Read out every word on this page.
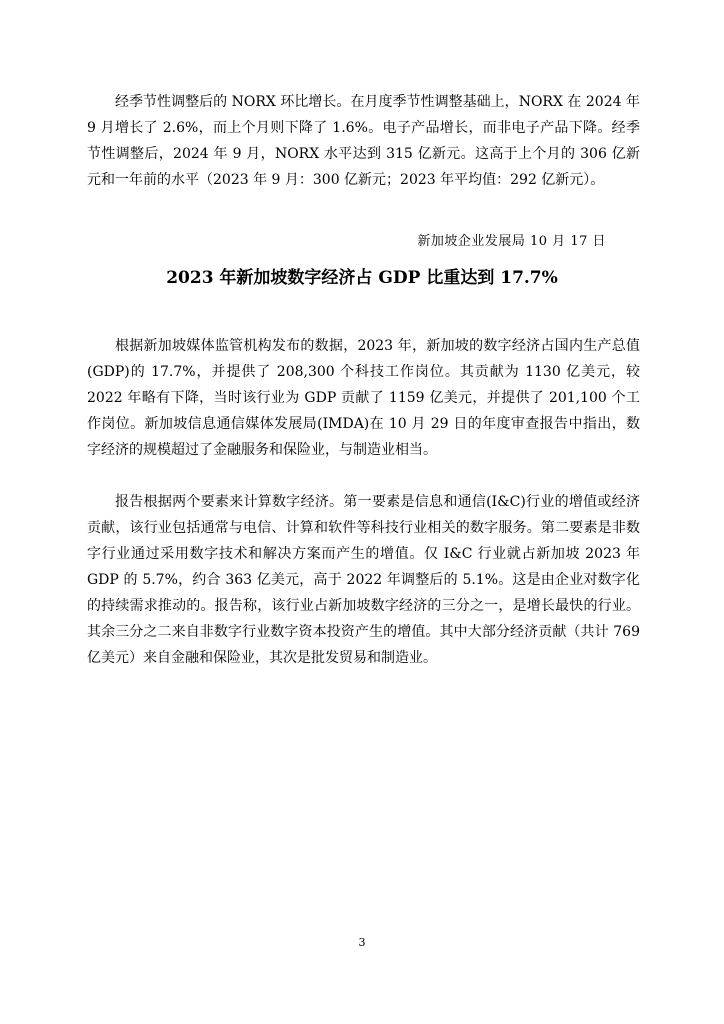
经季节性调整后的 NORX 环比增长。在月度季节性调整基础上，NORX 在 2024 年 9 月增长了 2.6%，而上个月则下降了 1.6%。电子产品增长，而非电子产品下降。经季节性调整后，2024 年 9 月，NORX 水平达到 315 亿新元。这高于上个月的 306 亿新元和一年前的水平（2023 年 9 月：300 亿新元；2023 年平均值：292 亿新元）。

新加坡企业发展局 10 月 17 日
2023 年新加坡数字经济占 GDP 比重达到 17.7%

根据新加坡媒体监管机构发布的数据，2023 年，新加坡的数字经济占国内生产总值(GDP)的 17.7%，并提供了 208,300 个科技工作岗位。其贡献为 1130 亿美元，较 2022 年略有下降，当时该行业为 GDP 贡献了 1159 亿美元，并提供了 201,100 个工作岗位。新加坡信息通信媒体发展局(IMDA)在 10 月 29 日的年度审查报告中指出，数字经济的规模超过了金融服务和保险业，与制造业相当。

报告根据两个要素来计算数字经济。第一要素是信息和通信(I&C)行业的增值或经济贡献，该行业包括通常与电信、计算和软件等科技行业相关的数字服务。第二要素是非数字行业通过采用数字技术和解决方案而产生的增值。仅 I&C 行业就占新加坡 2023 年 GDP 的 5.7%，约合 363 亿美元，高于 2022 年调整后的 5.1%。这是由企业对数字化的持续需求推动的。报告称，该行业占新加坡数字经济的三分之一，是增长最快的行业。其余三分之二来自非数字行业数字资本投资产生的增值。其中大部分经济贡献（共计 769 亿美元）来自金融和保险业，其次是批发贸易和制造业。

3
